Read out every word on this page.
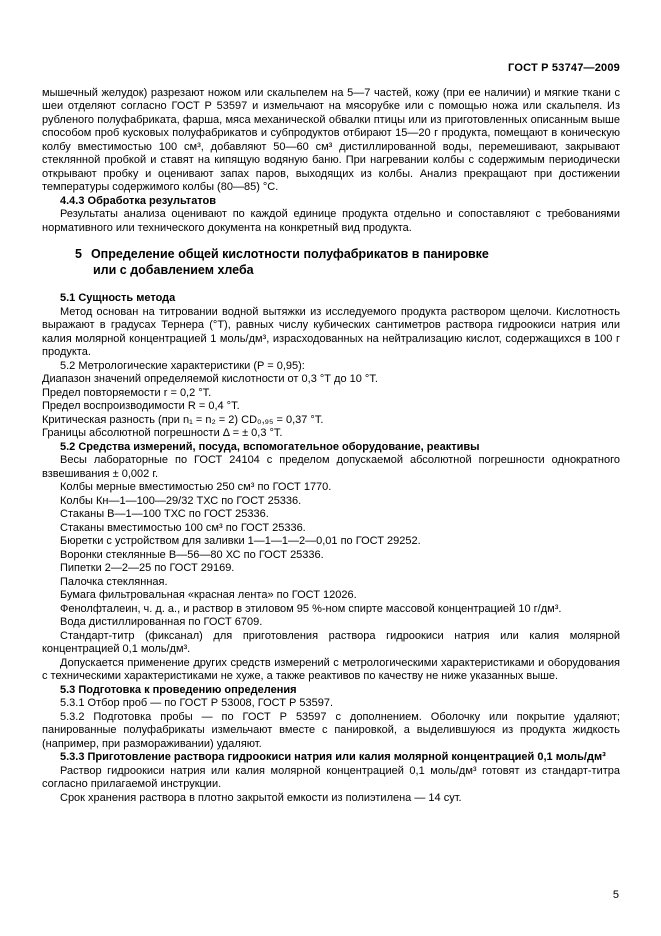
ГОСТ Р 53747—2009

мышечный желудок) разрезают ножом или скальпелем на 5—7 частей, кожу (при ее наличии) и мягкие ткани с шеи отделяют согласно ГОСТ Р 53597 и измельчают на мясорубке или с помощью ножа или скальпеля. Из рубленого полуфабриката, фарша, мяса механической обвалки птицы или из приготовленных описанным выше способом проб кусковых полуфабрикатов и субпродуктов отбирают 15—20 г продукта, помещают в коническую колбу вместимостью 100 см³, добавляют 50—60 см³ дистиллированной воды, перемешивают, закрывают стеклянной пробкой и ставят на кипящую водяную баню. При нагревании колбы с содержимым периодически открывают пробку и оценивают запах паров, выходящих из колбы. Анализ прекращают при достижении температуры содержимого колбы (80—85) °С.

4.4.3 Обработка результатов

Результаты анализа оценивают по каждой единице продукта отдельно и сопоставляют с требованиями нормативного или технического документа на конкретный вид продукта.

5 Определение общей кислотности полуфабрикатов в панировке или с добавлением хлеба

5.1 Сущность метода

Метод основан на титровании водной вытяжки из исследуемого продукта раствором щелочи. Кислотность выражают в градусах Тернера (°Т), равных числу кубических сантиметров раствора гидроокиси натрия или калия молярной концентрацией 1 моль/дм³, израсходованных на нейтрализацию кислот, содержащихся в 100 г продукта.

5.2 Метрологические характеристики (P = 0,95):

Диапазон значений определяемой кислотности от 0,3 °Т до 10 °Т.

Предел повторяемости r = 0,2 °Т.

Предел воспроизводимости R = 0,4 °Т.

Критическая разность (при n₁ = n₂ = 2) CD₀,₉₅ = 0,37 °Т.

Границы абсолютной погрешности Δ = ± 0,3 °Т.

5.2 Средства измерений, посуда, вспомогательное оборудование, реактивы

Весы лабораторные по ГОСТ 24104 с пределом допускаемой абсолютной погрешности однократного взвешивания ± 0,002 г.

Колбы мерные вместимостью 250 см³ по ГОСТ 1770.

Колбы Кн—1—100—29/32 ТХС по ГОСТ 25336.

Стаканы В—1—100 ТХС по ГОСТ 25336.

Стаканы вместимостью 100 см³ по ГОСТ 25336.

Бюретки с устройством для заливки 1—1—1—2—0,01 по ГОСТ 29252.

Воронки стеклянные В—56—80 ХС по ГОСТ 25336.

Пипетки 2—2—25 по ГОСТ 29169.

Палочка стеклянная.

Бумага фильтровальная «красная лента» по ГОСТ 12026.

Фенолфталеин, ч. д. а., и раствор в этиловом 95 %-ном спирте массовой концентрацией 10 г/дм³.

Вода дистиллированная по ГОСТ 6709.

Стандарт-титр (фиксанал) для приготовления раствора гидроокиси натрия или калия молярной концентрацией 0,1 моль/дм³.

Допускается применение других средств измерений с метрологическими характеристиками и оборудования с техническими характеристиками не хуже, а также реактивов по качеству не ниже указанных выше.

5.3 Подготовка к проведению определения

5.3.1 Отбор проб — по ГОСТ Р 53008, ГОСТ Р 53597.

5.3.2 Подготовка пробы — по ГОСТ Р 53597 с дополнением. Оболочку или покрытие удаляют; панированные полуфабрикаты измельчают вместе с панировкой, а выделившуюся из продукта жидкость (например, при размораживании) удаляют.

5.3.3 Приготовление раствора гидроокиси натрия или калия молярной концентрацией 0,1 моль/дм³

Раствор гидроокиси натрия или калия молярной концентрацией 0,1 моль/дм³ готовят из стандарт-титра согласно прилагаемой инструкции.

Срок хранения раствора в плотно закрытой емкости из полиэтилена — 14 сут.

5
